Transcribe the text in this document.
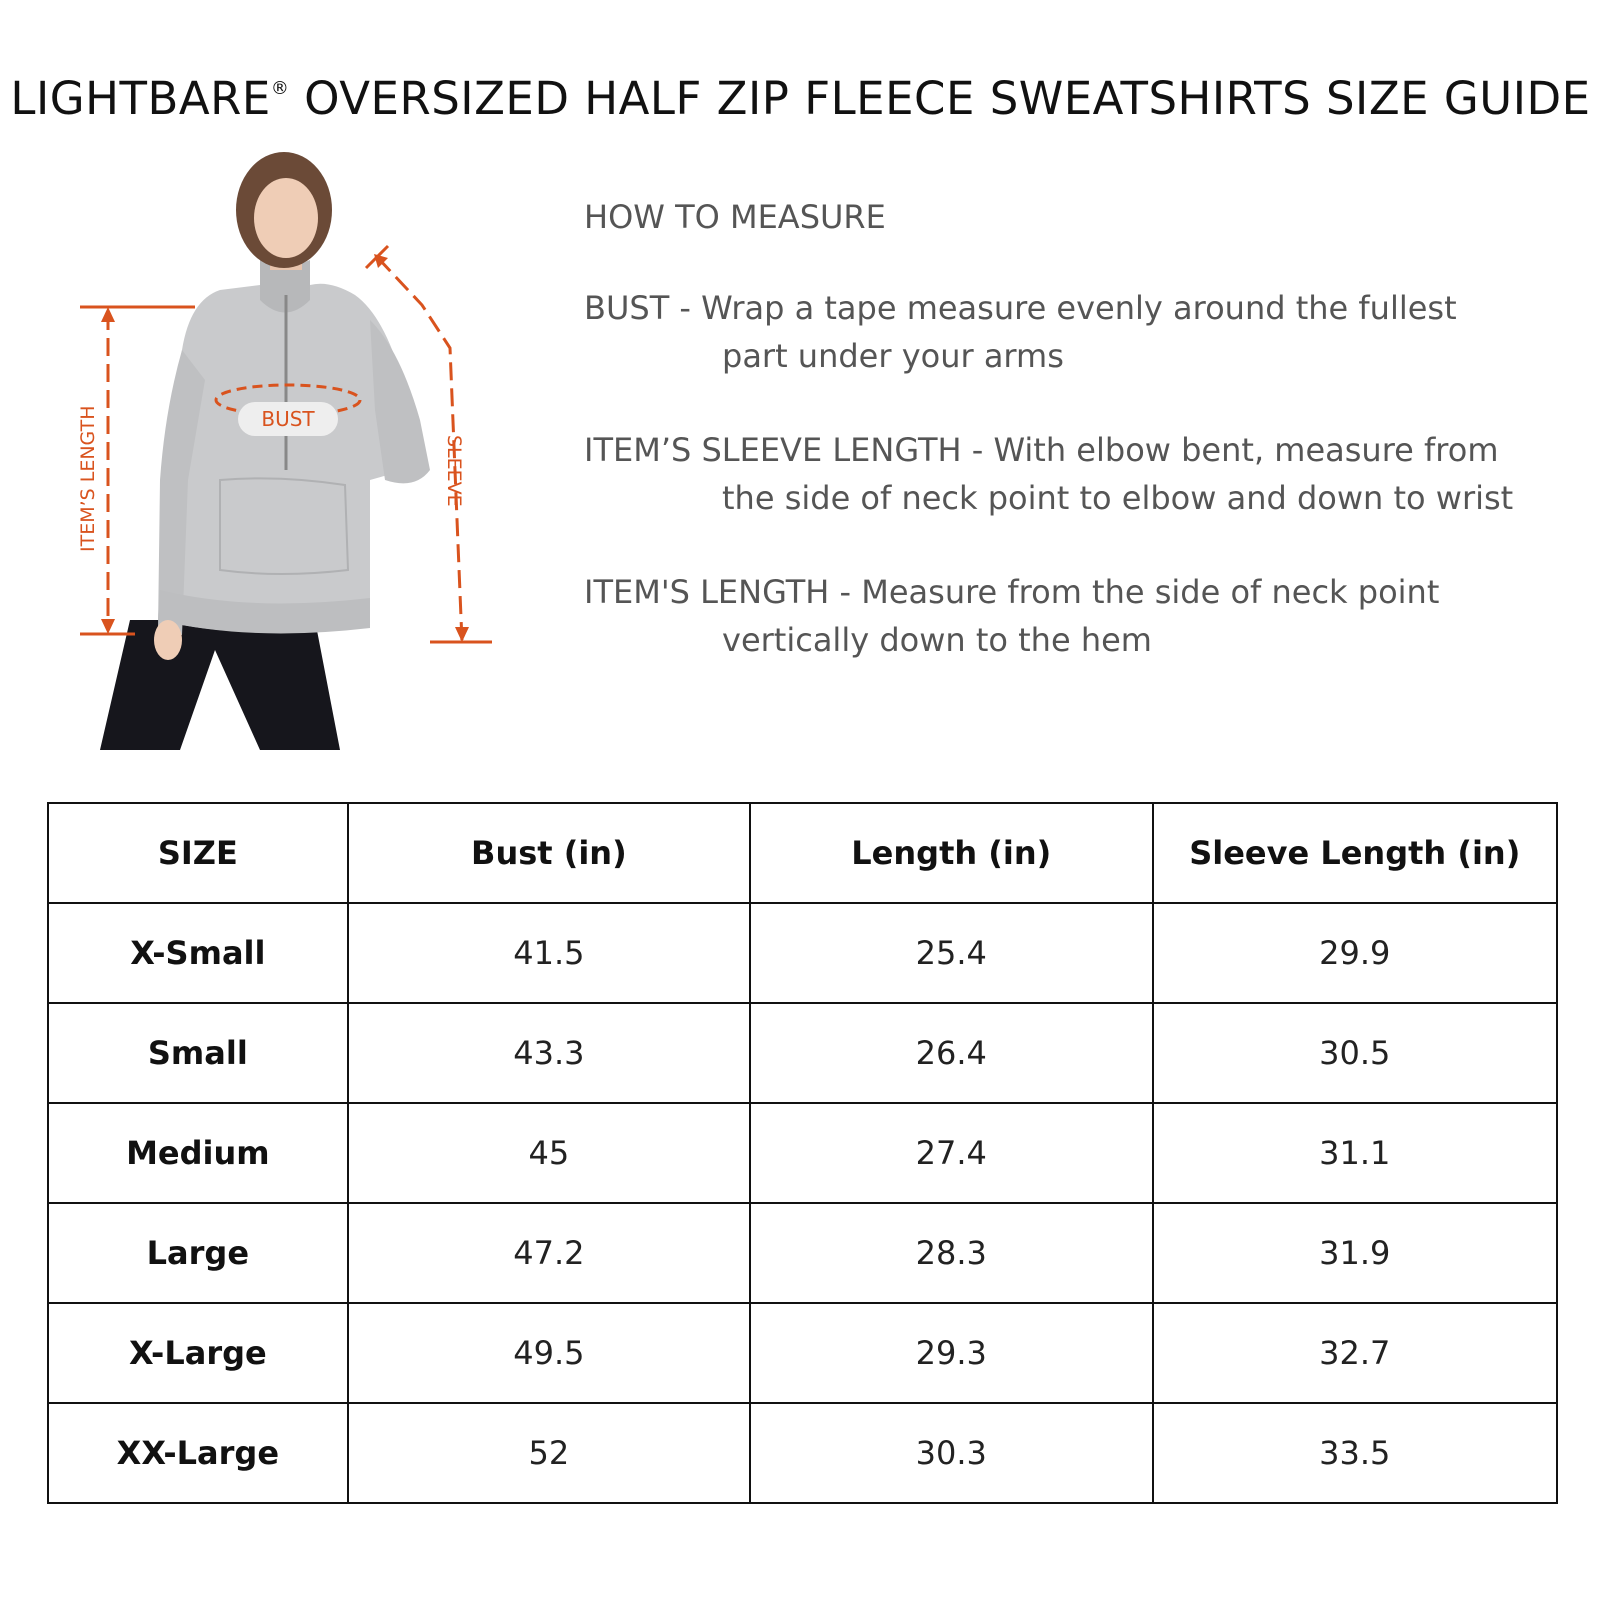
LIGHTBARE® OVERSIZED HALF ZIP FLEECE SWEATSHIRTS SIZE GUIDE
ITEM’S LENGTH	BUST
SLEEVE
HOW TO MEASURE
BUST - Wrap a tape measure evenly around the fullest
part under your arms
ITEM’S SLEEVE LENGTH - With elbow bent, measure from
the side of neck point to elbow and down to wrist
ITEM'S LENGTH - Measure from the side of neck point
vertically down to the hem
SIZE	Bust (in)	Length (in)	Sleeve Length (in)
X-Small	41.5	25.4	29.9
Small	43.3	26.4	30.5
Medium	45	27.4	31.1
Large	47.2	28.3	31.9
X-Large	49.5	29.3	32.7
XX-Large	52	30.3	33.5
